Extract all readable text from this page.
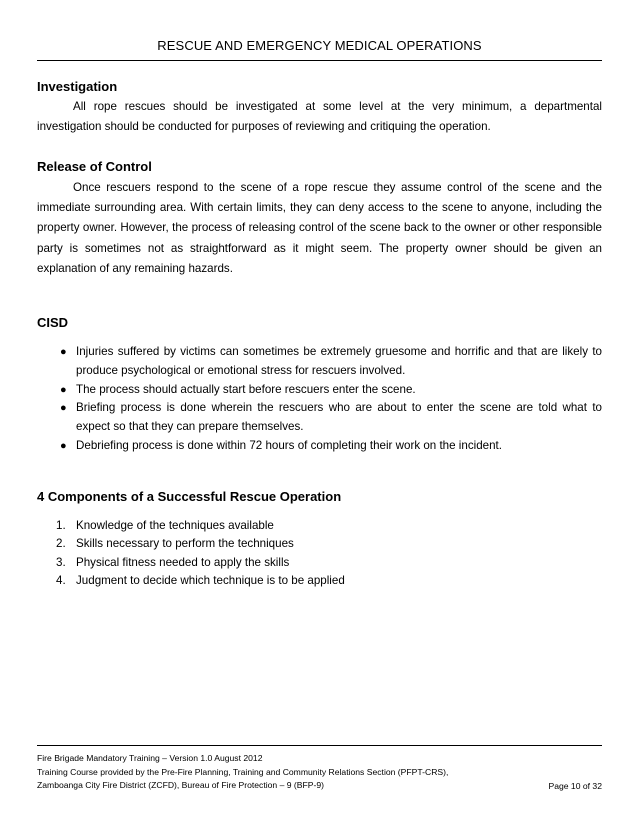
RESCUE AND EMERGENCY MEDICAL OPERATIONS
Investigation

All rope rescues should be investigated at some level at the very minimum, a departmental investigation should be conducted for purposes of reviewing and critiquing the operation.

Release of Control

Once rescuers respond to the scene of a rope rescue they assume control of the scene and the immediate surrounding area. With certain limits, they can deny access to the scene to anyone, including the property owner. However, the process of releasing control of the scene back to the owner or other responsible party is sometimes not as straightforward as it might seem. The property owner should be given an explanation of any remaining hazards.

CISD
● Injuries suffered by victims can sometimes be extremely gruesome and horrific and that are likely to produce psychological or emotional stress for rescuers involved.
● The process should actually start before rescuers enter the scene.
● Briefing process is done wherein the rescuers who are about to enter the scene are told what to expect so that they can prepare themselves.
● Debriefing process is done within 72 hours of completing their work on the incident.
4 Components of a Successful Rescue Operation
1. Knowledge of the techniques available
2. Skills necessary to perform the techniques
3. Physical fitness needed to apply the skills
4. Judgment to decide which technique is to be applied
Fire Brigade Mandatory Training – Version 1.0 August 2012
Training Course provided by the Pre-Fire Planning, Training and Community Relations Section (PFPT-CRS),
Zamboanga City Fire District (ZCFD), Bureau of Fire Protection – 9 (BFP-9)	Page 10 of 32
